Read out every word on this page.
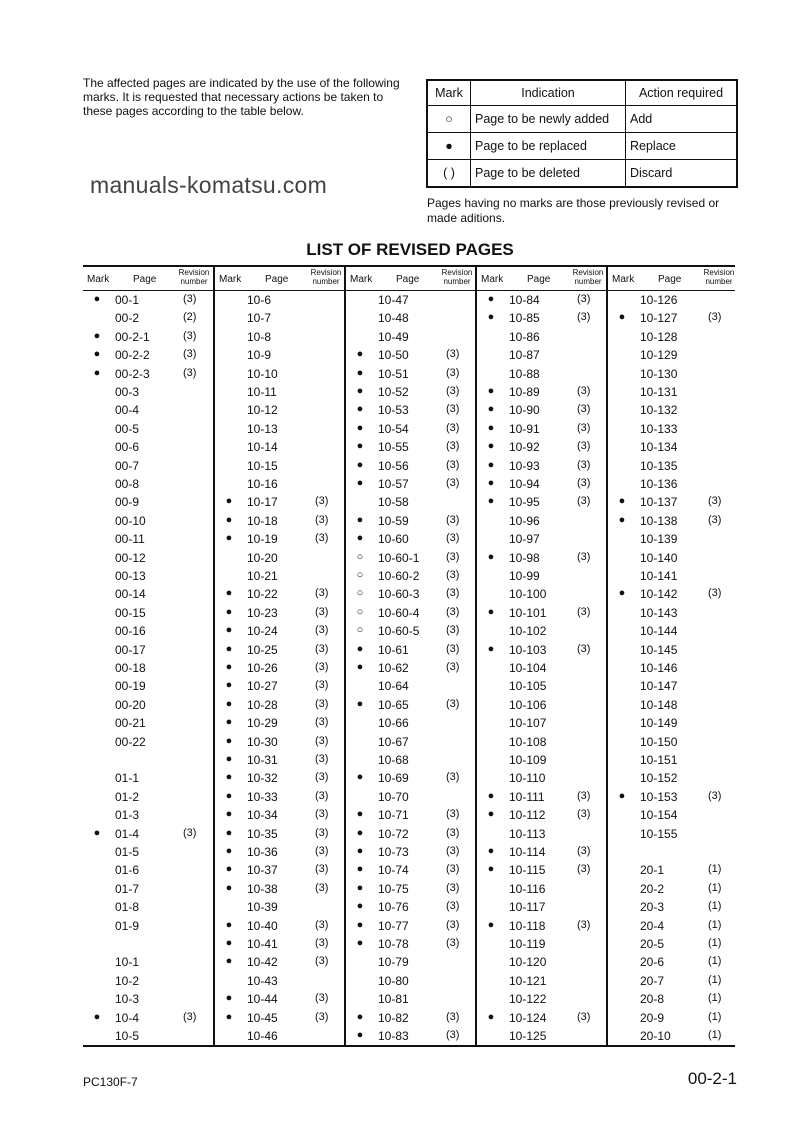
The affected pages are indicated by the use of the following marks. It is requested that necessary actions be taken to these pages according to the table below.
Mark	Indication	Action required
○	Page to be newly added	Add
●	Page to be replaced	Replace
( )	Page to be deleted	Discard
manuals-komatsu.com
Pages having no marks are those previously revised or made aditions.
LIST OF REVISED PAGES
Mark Page
Revision number
● 00-1	(3)
00-2	(2)
● 00-2-1	(3)
● 00-2-2	(3)
● 00-2-3	(3)
00-3
00-4
00-5
00-6
00-7
00-8
00-9
00-10
00-11
00-12
00-13
00-14
00-15
00-16
00-17
00-18
00-19
00-20
00-21
00-22
01-1
01-2
01-3
● 01-4	(3)
01-5
01-6
01-7
01-8
01-9
10-1
10-2
10-3
● 10-4	(3)
10-5
Mark Page
Revision number
10-6
10-7
10-8
10-9
10-10
10-11
10-12
10-13
10-14
10-15
10-16
● 10-17	(3)
● 10-18	(3)
● 10-19	(3)
10-20
10-21
● 10-22	(3)
● 10-23	(3)
● 10-24	(3)
● 10-25	(3)
● 10-26	(3)
● 10-27	(3)
● 10-28	(3)
● 10-29	(3)
● 10-30	(3)
● 10-31	(3)
● 10-32	(3)
● 10-33	(3)
● 10-34	(3)
● 10-35	(3)
● 10-36	(3)
● 10-37	(3)
● 10-38	(3)
10-39
● 10-40	(3)
● 10-41	(3)
● 10-42	(3)
10-43
● 10-44	(3)
● 10-45	(3)
10-46
Mark Page
Revision number
10-47
10-48
10-49
● 10-50	(3)
● 10-51	(3)
● 10-52	(3)
● 10-53	(3)
● 10-54	(3)
● 10-55	(3)
● 10-56	(3)
● 10-57	(3)
10-58
● 10-59	(3)
● 10-60	(3)
○ 10-60-1 (3)
○ 10-60-2 (3)
○ 10-60-3 (3)
○ 10-60-4 (3)
○ 10-60-5 (3)
● 10-61	(3)
● 10-62	(3)
10-64
● 10-65	(3)
10-66
10-67
10-68
● 10-69	(3)
10-70
● 10-71	(3)
● 10-72	(3)
● 10-73	(3)
● 10-74	(3)
● 10-75	(3)
● 10-76	(3)
● 10-77	(3)
● 10-78	(3)
10-79
10-80
10-81
● 10-82	(3)
● 10-83	(3)
Mark Page
Revision number
● 10-84	(3)
● 10-85	(3)
10-86
10-87
10-88
● 10-89	(3)
● 10-90	(3)
● 10-91	(3)
● 10-92	(3)
● 10-93	(3)
● 10-94	(3)
● 10-95	(3)
10-96
10-97
● 10-98	(3)
10-99
10-100
● 10-101	(3)
10-102
● 10-103	(3)
10-104
10-105
10-106
10-107
10-108
10-109
10-110
● 10-111	(3)
● 10-112	(3)
10-113
● 10-114	(3)
● 10-115	(3)
10-116
10-117
● 10-118	(3)
10-119
10-120
10-121
10-122
● 10-124	(3)
10-125
Mark Page
Revision number
10-126
● 10-127	(3)
10-128
10-129
10-130
10-131
10-132
10-133
10-134
10-135
10-136
● 10-137	(3)
● 10-138	(3)
10-139
10-140
10-141
● 10-142	(3)
10-143
10-144
10-145
10-146
10-147
10-148
10-149
10-150
10-151
10-152
● 10-153	(3)
10-154
10-155
20-1	(1)
20-2	(1)
20-3	(1)
20-4	(1)
20-5	(1)
20-6	(1)
20-7	(1)
20-8	(1)
20-9	(1)
20-10	(1)
PC130F-7	00-2-1
